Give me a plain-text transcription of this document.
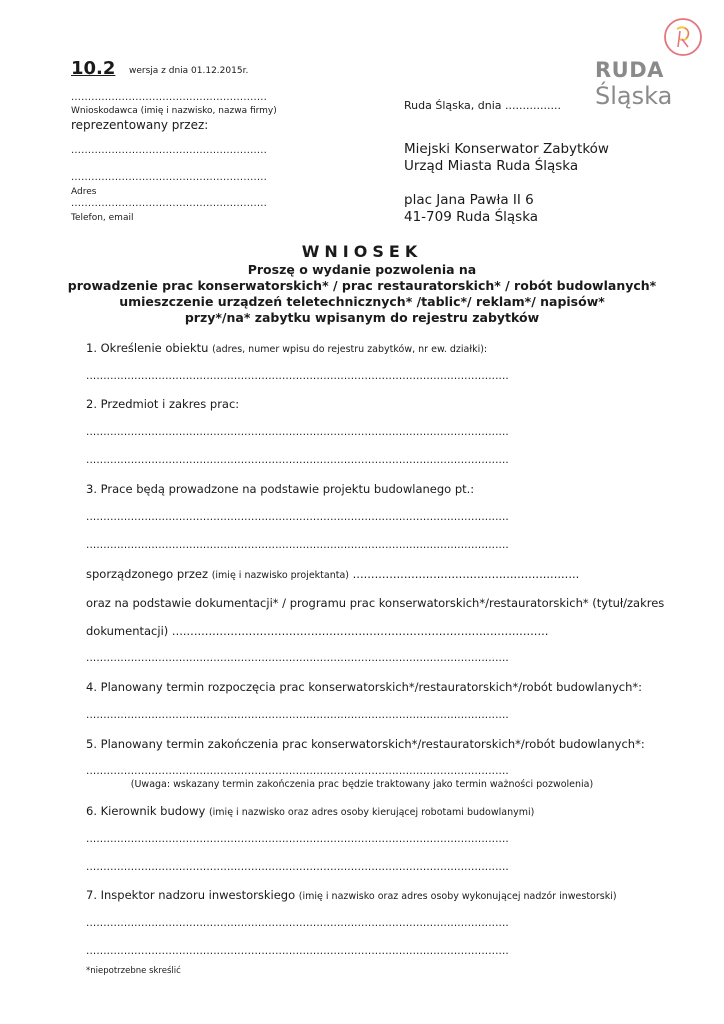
10.2 wersja z dnia 01.12.2015r.	RUDA
Śląska
..........................................................
Wnioskodawca (imię i nazwisko, nazwa firmy)
reprezentowany przez:
..........................................................
..........................................................
Adres
..........................................................
Telefon, email
Ruda Śląska, dnia ................
Miejski Konserwator Zabytków
Urząd Miasta Ruda Śląska
plac Jana Pawła II 6
41-709 Ruda Śląska
WNIOSEK
Proszę o wydanie pozwolenia na
prowadzenie prac konserwatorskich* / prac restauratorskich* / robót budowlanych*
umieszczenie urządzeń teletechnicznych* /tablic*/ reklam*/ napisów*
przy*/na* zabytku wpisanym do rejestru zabytków
1. Określenie obiektu (adres, numer wpisu do rejestru zabytków, nr ew. działki):
...........................................................................................................................
2. Przedmiot i zakres prac:
...........................................................................................................................
...........................................................................................................................
3. Prace będą prowadzone na podstawie projektu budowlanego pt.:
...........................................................................................................................
...........................................................................................................................
sporządzonego przez (imię i nazwisko projektanta) ..............................................................
oraz na podstawie dokumentacji* / programu prac konserwatorskich*/restauratorskich* (tytuł/zakres
dokumentacji) .......................................................................................................
...........................................................................................................................
4. Planowany termin rozpoczęcia prac konserwatorskich*/restauratorskich*/robót budowlanych*:
...........................................................................................................................
5. Planowany termin zakończenia prac konserwatorskich*/restauratorskich*/robót budowlanych*:
...........................................................................................................................
(Uwaga: wskazany termin zakończenia prac będzie traktowany jako termin ważności pozwolenia)
6. Kierownik budowy (imię i nazwisko oraz adres osoby kierującej robotami budowlanymi)
...........................................................................................................................
...........................................................................................................................
7. Inspektor nadzoru inwestorskiego (imię i nazwisko oraz adres osoby wykonującej nadzór inwestorski)
...........................................................................................................................
...........................................................................................................................
*niepotrzebne skreślić
